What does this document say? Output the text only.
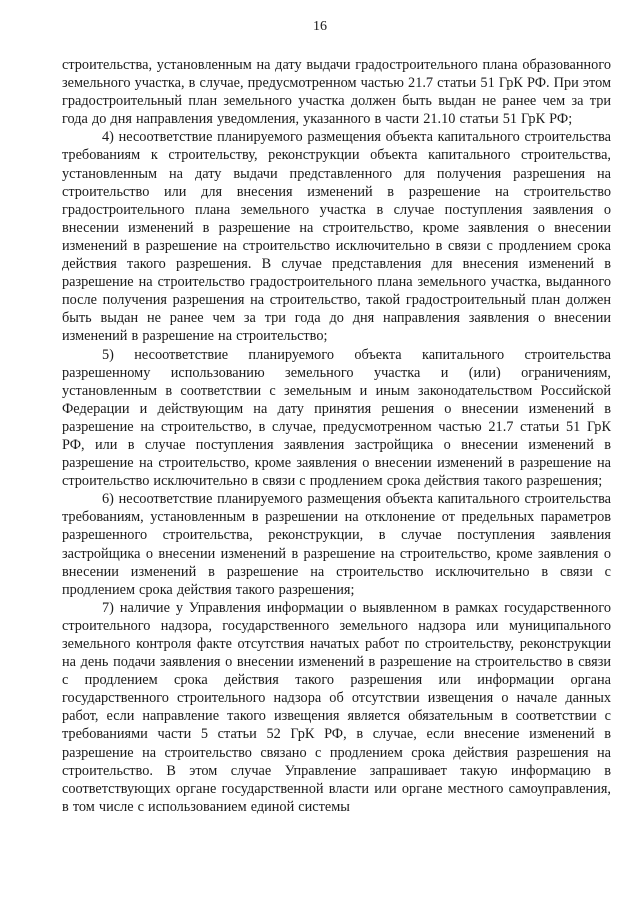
16

строительства, установленным на дату выдачи градостроительного плана образованного земельного участка, в случае, предусмотренном частью 21.7 статьи 51 ГрК РФ. При этом градостроительный план земельного участка должен быть выдан не ранее чем за три года до дня направления уведомления, указанного в части 21.10 статьи 51 ГрК РФ;

4) несоответствие планируемого размещения объекта капитального строительства требованиям к строительству, реконструкции объекта капитального строительства, установленным на дату выдачи представленного для получения разрешения на строительство или для внесения изменений в разрешение на строительство градостроительного плана земельного участка в случае поступления заявления о внесении изменений в разрешение на строительство, кроме заявления о внесении изменений в разрешение на строительство исключительно в связи с продлением срока действия такого разрешения. В случае представления для внесения изменений в разрешение на строительство градостроительного плана земельного участка, выданного после получения разрешения на строительство, такой градостроительный план должен быть выдан не ранее чем за три года до дня направления заявления о внесении изменений в разрешение на строительство;

5) несоответствие планируемого объекта капитального строительства разрешенному использованию земельного участка и (или) ограничениям, установленным в соответствии с земельным и иным законодательством Российской Федерации и действующим на дату принятия решения о внесении изменений в разрешение на строительство, в случае, предусмотренном частью 21.7 статьи 51 ГрК РФ, или в случае поступления заявления застройщика о внесении изменений в разрешение на строительство, кроме заявления о внесении изменений в разрешение на строительство исключительно в связи с продлением срока действия такого разрешения;

6) несоответствие планируемого размещения объекта капитального строительства требованиям, установленным в разрешении на отклонение от предельных параметров разрешенного строительства, реконструкции, в случае поступления заявления застройщика о внесении изменений в разрешение на строительство, кроме заявления о внесении изменений в разрешение на строительство исключительно в связи с продлением срока действия такого разрешения;

7) наличие у Управления информации о выявленном в рамках государственного строительного надзора, государственного земельного надзора или муниципального земельного контроля факте отсутствия начатых работ по строительству, реконструкции на день подачи заявления о внесении изменений в разрешение на строительство в связи с продлением срока действия такого разрешения или информации органа государственного строительного надзора об отсутствии извещения о начале данных работ, если направление такого извещения является обязательным в соответствии с требованиями части 5 статьи 52 ГрК РФ, в случае, если внесение изменений в разрешение на строительство связано с продлением срока действия разрешения на строительство. В этом случае Управление запрашивает такую информацию в соответствующих органе государственной власти или органе местного самоуправления, в том числе с использованием единой системы
